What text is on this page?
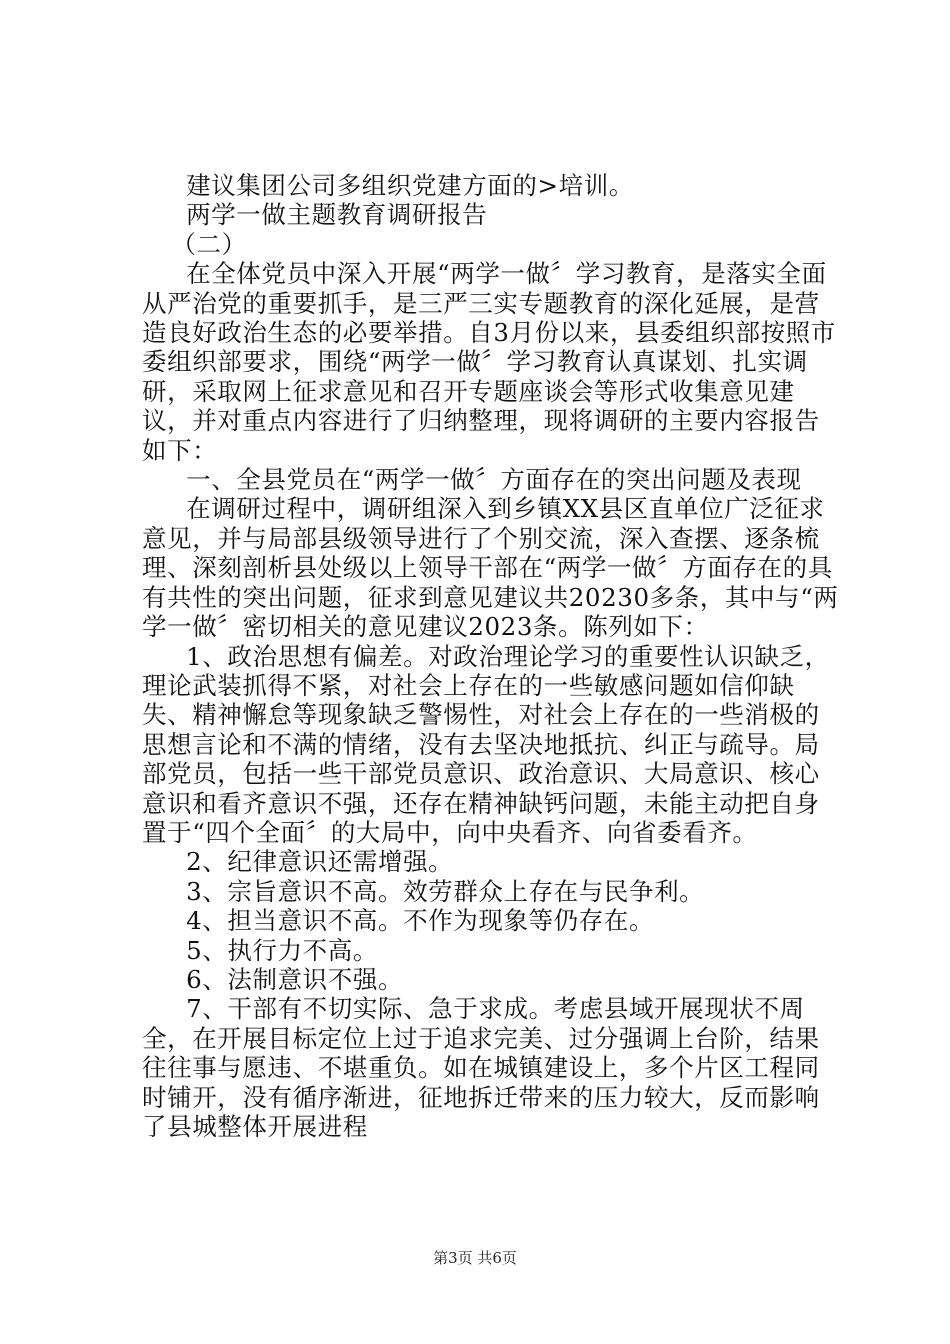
建议集团公司多组织党建方面的>培训。

两学一做主题教育调研报告

（二）

在全体党员中深入开展“两学一做〞学习教育，是落实全面从严治党的重要抓手，是三严三实专题教育的深化延展，是营造良好政治生态的必要举措。自3月份以来，县委组织部按照市委组织部要求，围绕“两学一做〞学习教育认真谋划、扎实调研，采取网上征求意见和召开专题座谈会等形式收集意见建议，并对重点内容进行了归纳整理，现将调研的主要内容报告如下：

一、全县党员在“两学一做〞方面存在的突出问题及表现

在调研过程中，调研组深入到乡镇XX县区直单位广泛征求意见，并与局部县级领导进行了个别交流，深入查摆、逐条梳理、深刻剖析县处级以上领导干部在“两学一做〞方面存在的具有共性的突出问题，征求到意见建议共20230多条，其中与“两学一做〞密切相关的意见建议2023条。陈列如下：

1、政治思想有偏差。对政治理论学习的重要性认识缺乏，理论武装抓得不紧，对社会上存在的一些敏感问题如信仰缺失、精神懈怠等现象缺乏警惕性，对社会上存在的一些消极的思想言论和不满的情绪，没有去坚决地抵抗、纠正与疏导。局部党员，包括一些干部党员意识、政治意识、大局意识、核心意识和看齐意识不强，还存在精神缺钙问题，未能主动把自身置于“四个全面〞的大局中，向中央看齐、向省委看齐。

2、纪律意识还需增强。

3、宗旨意识不高。效劳群众上存在与民争利。

4、担当意识不高。不作为现象等仍存在。

5、执行力不高。

6、法制意识不强。

7、干部有不切实际、急于求成。考虑县域开展现状不周全，在开展目标定位上过于追求完美、过分强调上台阶，结果往往事与愿违、不堪重负。如在城镇建设上，多个片区工程同时铺开，没有循序渐进，征地拆迁带来的压力较大，反而影响了县城整体开展进程

第3页 共6页
